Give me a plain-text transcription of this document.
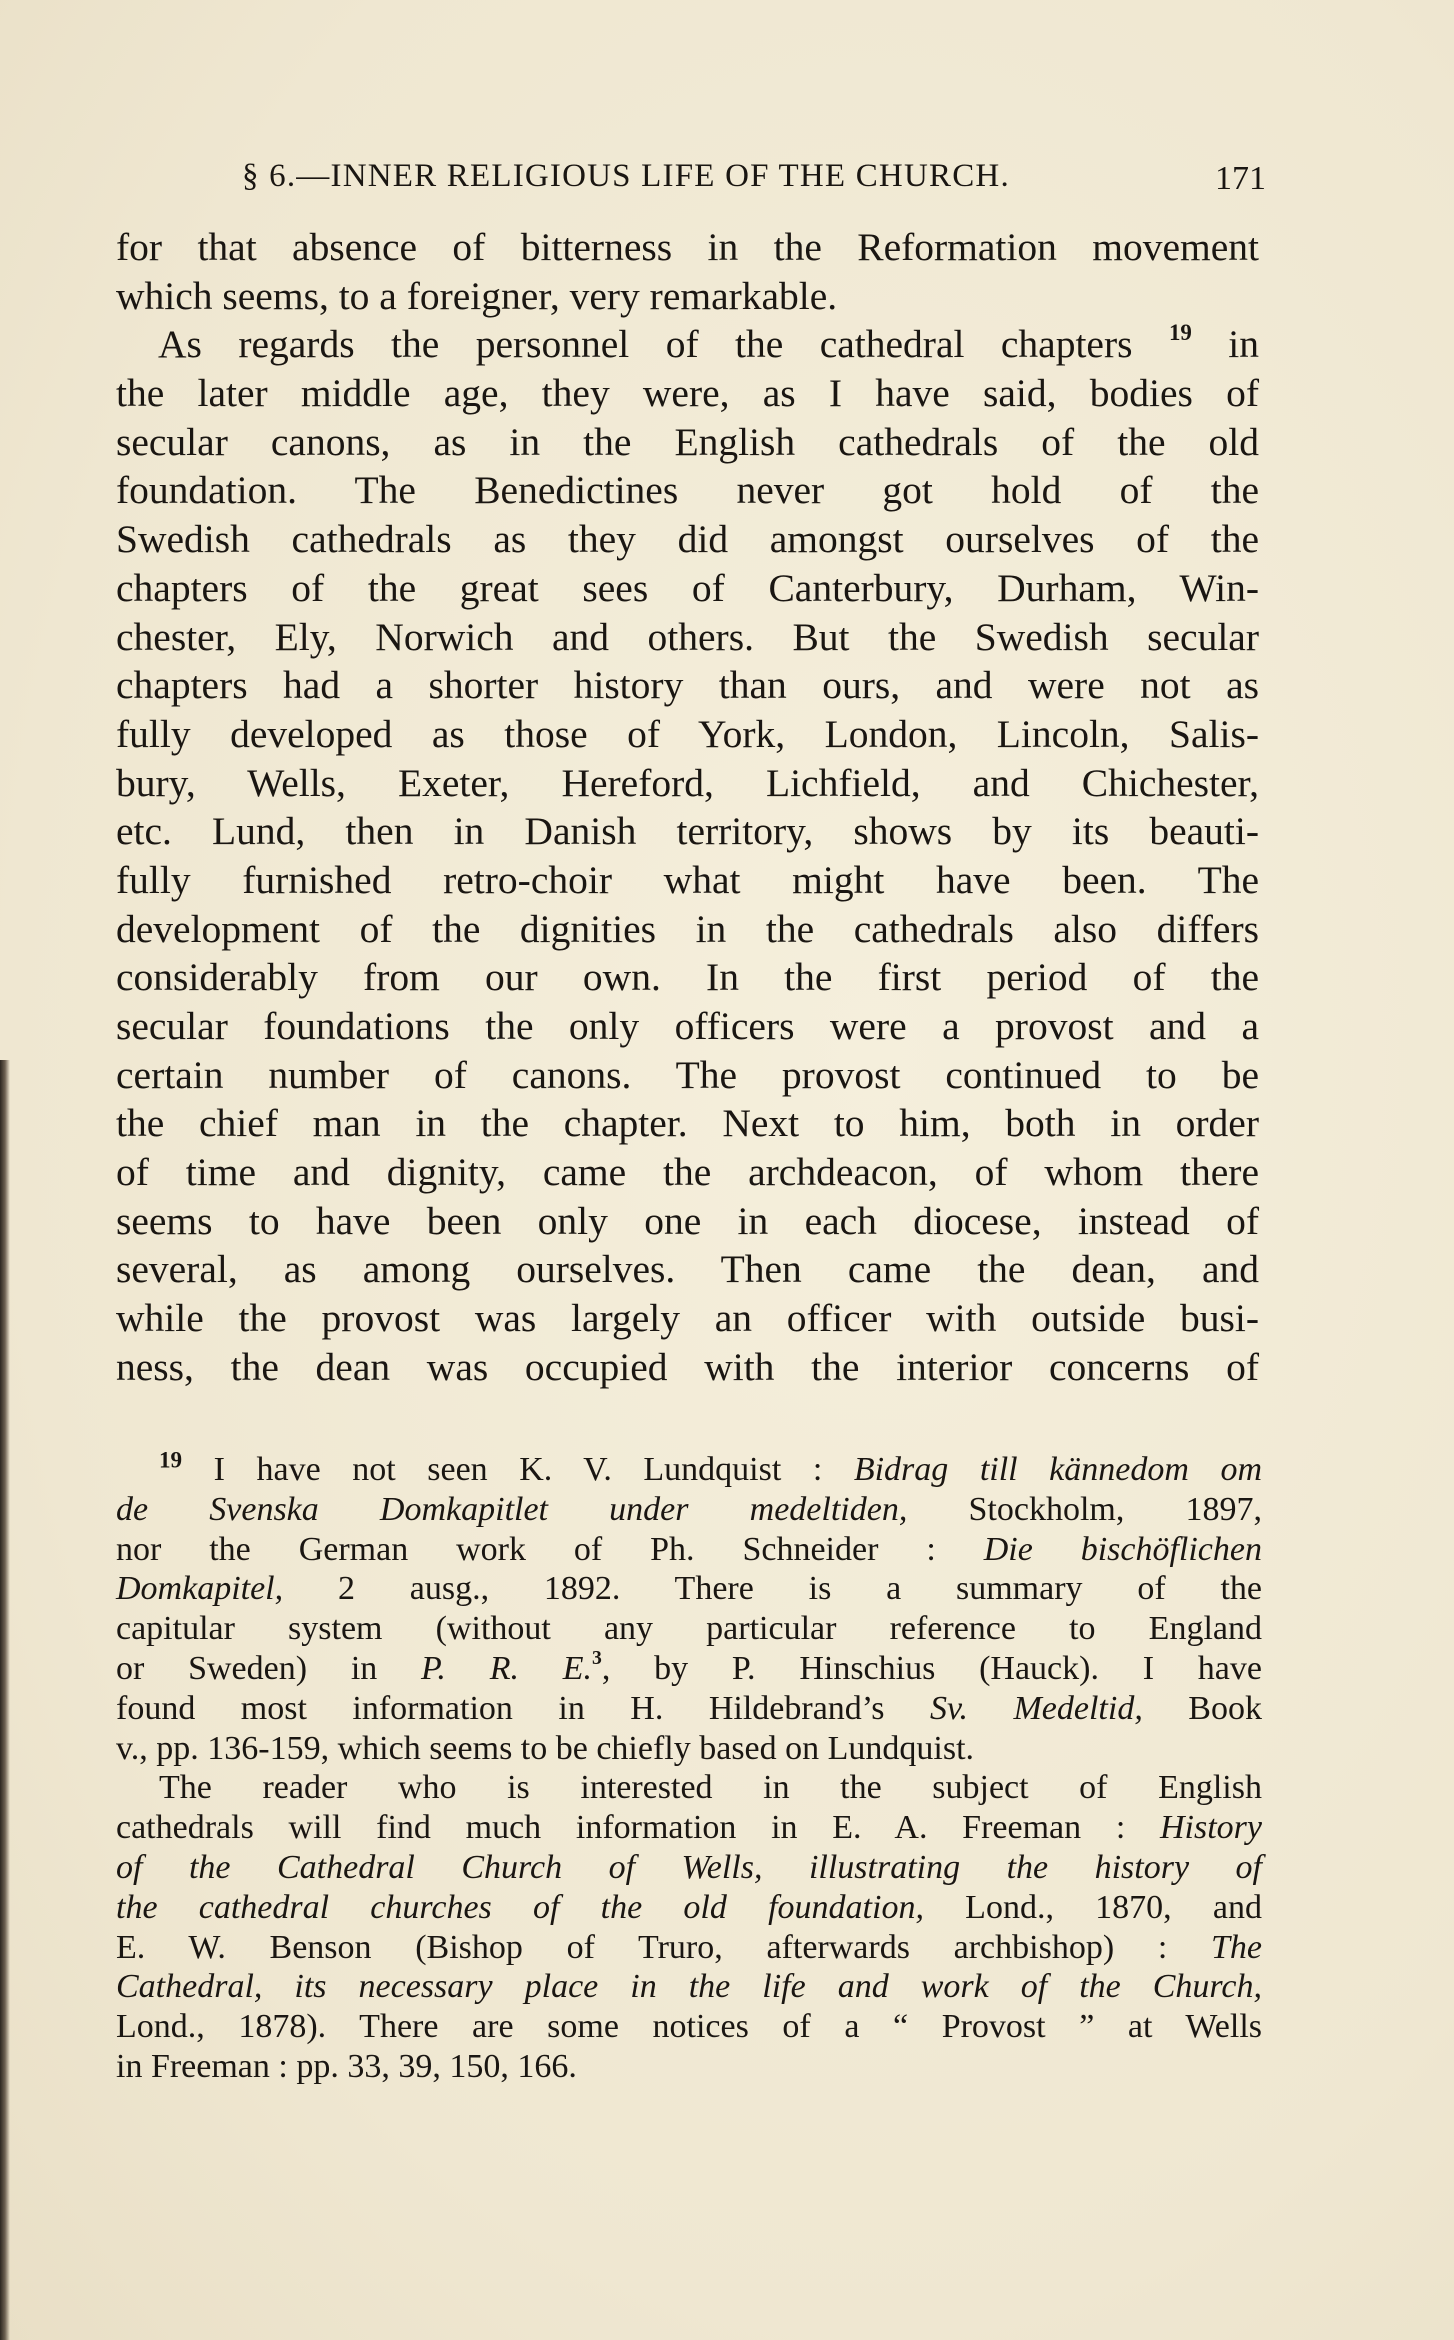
§ 6.—INNER RELIGIOUS LIFE OF THE CHURCH.	171
for that absence of bitterness in the Reformation movement
which seems, to a foreigner, very remarkable.
As regards the personnel of the cathedral chapters $^{19}$ in
the later middle age, they were, as I have said, bodies of
secular canons, as in the English cathedrals of the old
foundation. The Benedictines never got hold of the
Swedish cathedrals as they did amongst ourselves of the
chapters of the great sees of Canterbury, Durham, Win-
chester, Ely, Norwich and others. But the Swedish secular
chapters had a shorter history than ours, and were not as
fully developed as those of York, London, Lincoln, Salis-
bury, Wells, Exeter, Hereford, Lichfield, and Chichester,
etc. Lund, then in Danish territory, shows by its beauti-
fully furnished retro-choir what might have been. The
development of the dignities in the cathedrals also differs
considerably from our own. In the first period of the
secular foundations the only officers were a provost and a
certain number of canons. The provost continued to be
the chief man in the chapter. Next to him, both in order
of time and dignity, came the archdeacon, of whom there
seems to have been only one in each diocese, instead of
several, as among ourselves. Then came the dean, and
while the provost was largely an officer with outside busi-
ness, the dean was occupied with the interior concerns of
$^{19}$ I have not seen K. V. Lundquist : Bidrag till kännedom om
de Svenska Domkapitlet under medeltiden, Stockholm, 1897,
nor the German work of Ph. Schneider : Die bischöflichen
Domkapitel, 2 ausg., 1892. There is a summary of the
capitular system (without any particular reference to England
or Sweden) in P. R. E.$^3$, by P. Hinschius (Hauck). I have
found most information in H. Hildebrand’s Sv. Medeltid, Book
v., pp. 136-159, which seems to be chiefly based on Lundquist.
The reader who is interested in the subject of English
cathedrals will find much information in E. A. Freeman : History
of the Cathedral Church of Wells, illustrating the history of
the cathedral churches of the old foundation, Lond., 1870, and
E. W. Benson (Bishop of Truro, afterwards archbishop) : The
Cathedral, its necessary place in the life and work of the Church,
Lond., 1878). There are some notices of a “ Provost ” at Wells
in Freeman : pp. 33, 39, 150, 166.
